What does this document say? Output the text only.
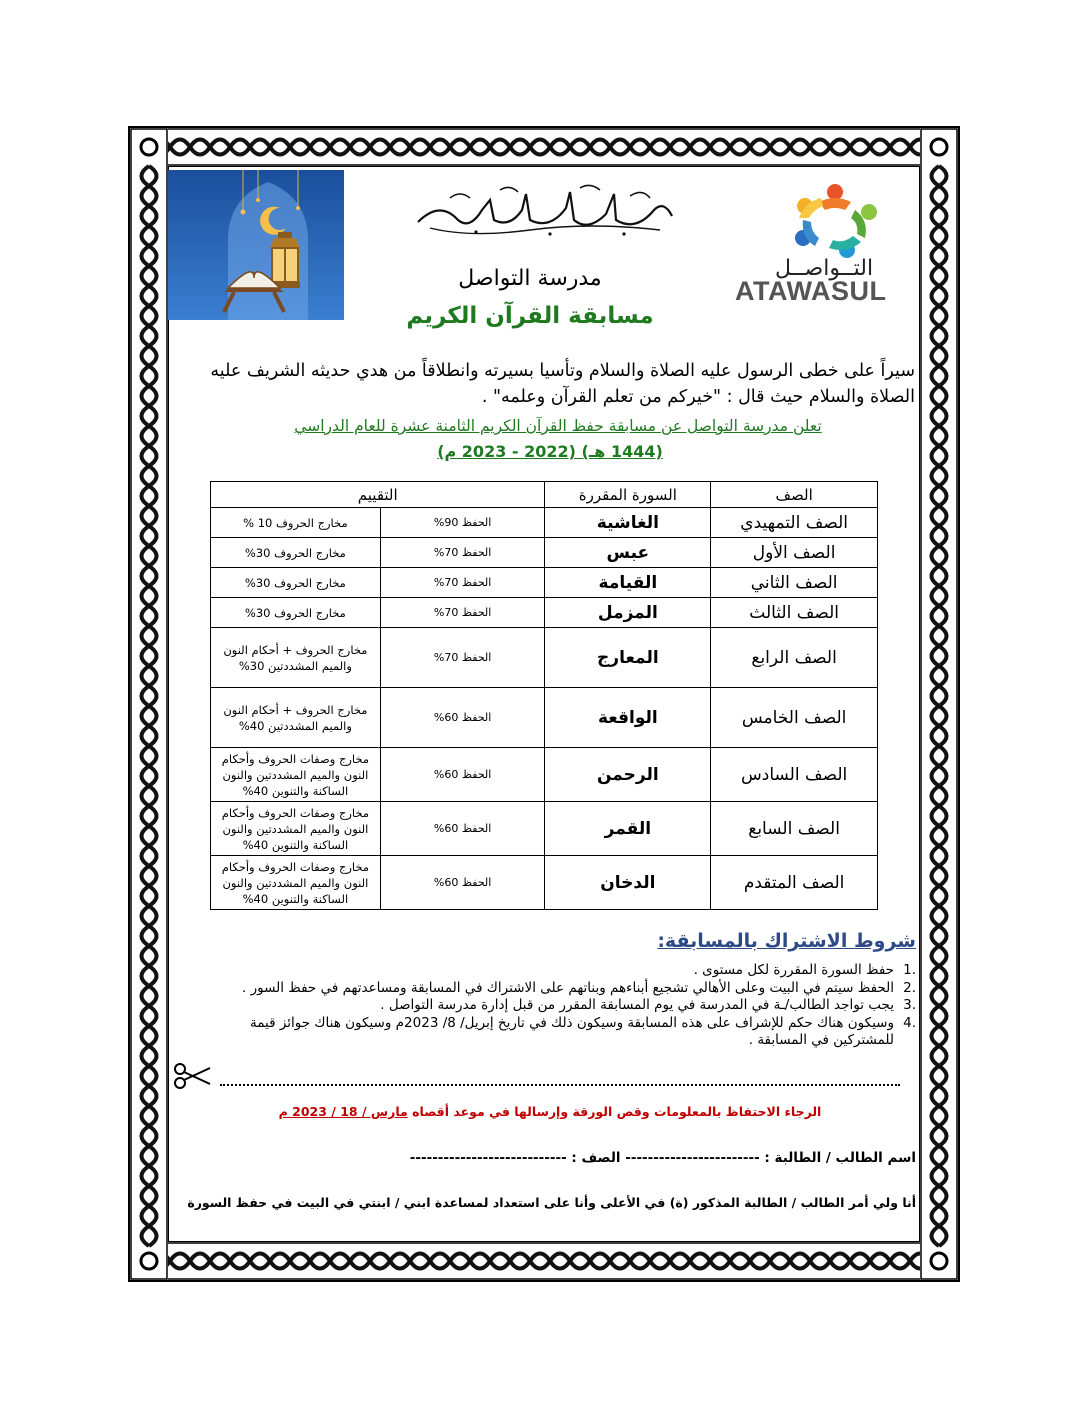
التــواصــل
ATAWASUL
مدرسة التواصل
مسابقة القرآن الكريم
سيراً على خطى الرسول عليه الصلاة والسلام وتأسيا بسيرته وانطلاقاً من هدي حديثه الشريف عليه الصلاة والسلام حيث قال : "خيركم من تعلم القرآن وعلمه" .
تعلن مدرسة التواصل عن مسابقة حفظ القرآن الكريم الثامنة عشرة للعام الدراسي
(1444 هـ) (2022 - 2023 م)
الصف	السورة المقررة	التقييم	
الصف التمهيدي	الغاشية	الحفظ 90%	مخارج الحروف 10 %
الصف الأول	عبس	الحفظ 70%	مخارج الحروف 30%
الصف الثاني	القيامة	الحفظ 70%	مخارج الحروف 30%
الصف الثالث	المزمل	الحفظ 70%	مخارج الحروف 30%
الصف الرابع	المعارج	الحفظ 70%	مخارج الحروف + أحكام النون والميم المشددتين 30%
الصف الخامس	الواقعة	الحفظ 60%	مخارج الحروف + أحكام النون والميم المشددتين 40%
الصف السادس	الرحمن	الحفظ 60%	مخارج وصفات الحروف وأحكام النون والميم المشددتين والنون الساكنة والتنوين 40%
الصف السابع	القمر	الحفظ 60%	مخارج وصفات الحروف وأحكام النون والميم المشددتين والنون الساكنة والتنوين 40%
الصف المتقدم	الدخان	الحفظ 60%	مخارج وصفات الحروف وأحكام النون والميم المشددتين والنون الساكنة والتنوين 40%
شروط الاشتراك بالمسابقة:
.1
حفظ السورة المقررة لكل مستوى .
.2
الحفظ سيتم في البيت وعلى الأهالي تشجيع أبناءهم وبناتهم على الاشتراك في المسابقة ومساعدتهم في حفظ السور .
.3
يجب تواجد الطالب/ـة في المدرسة في يوم المسابقة المقرر من قبل إدارة مدرسة التواصل .
.4
وسيكون هناك حكم للإشراف على هذه المسابقة وسيكون ذلك في تاريخ إبريل/ 8/ 2023م وسيكون هناك جوائز قيمة للمشتركين في المسابقة .
الرجاء الاحتفاظ بالمعلومات وقص الورقة وإرسالها في موعد أقصاه مارس / 18 / 2023 م
اسم الطالب / الطالبة : ------------------------ الصف : ----------------------------
أنا ولي أمر الطالب / الطالبة المذكور (ة) في الأعلى وأنا على استعداد لمساعدة ابني / ابنتي في البيت في حفظ السورة
